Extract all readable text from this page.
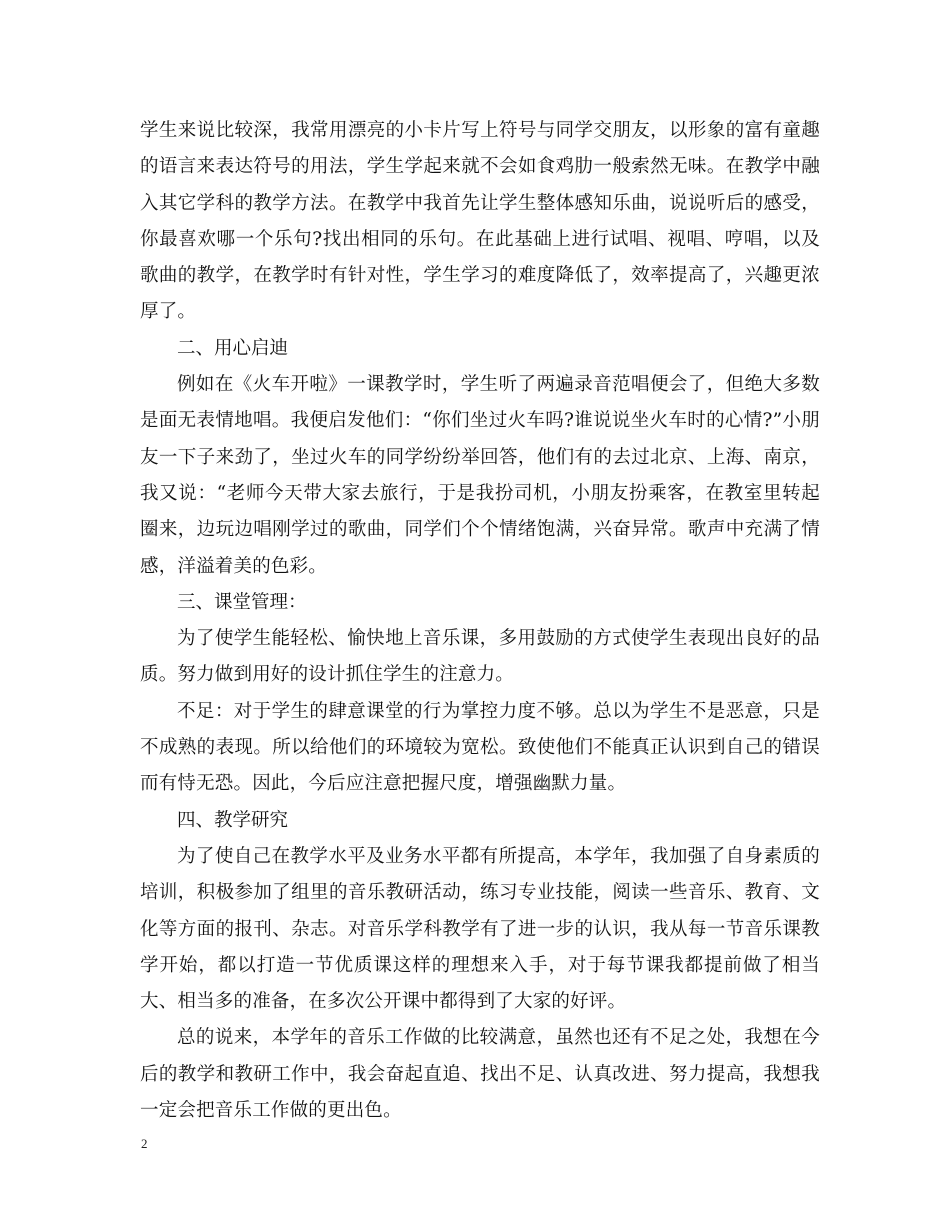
学生来说比较深，我常用漂亮的小卡片写上符号与同学交朋友，以形象的富有童趣的语言来表达符号的用法，学生学起来就不会如食鸡肋一般索然无味。在教学中融入其它学科的教学方法。在教学中我首先让学生整体感知乐曲，说说听后的感受，你最喜欢哪一个乐句?找出相同的乐句。在此基础上进行试唱、视唱、哼唱，以及歌曲的教学，在教学时有针对性，学生学习的难度降低了，效率提高了，兴趣更浓厚了。

二、用心启迪

例如在《火车开啦》一课教学时，学生听了两遍录音范唱便会了，但绝大多数是面无表情地唱。我便启发他们：“你们坐过火车吗?谁说说坐火车时的心情?”小朋友一下子来劲了，坐过火车的同学纷纷举回答，他们有的去过北京、上海、南京，我又说：“老师今天带大家去旅行，于是我扮司机，小朋友扮乘客，在教室里转起圈来，边玩边唱刚学过的歌曲，同学们个个情绪饱满，兴奋异常。歌声中充满了情感，洋溢着美的色彩。

三、课堂管理：

为了使学生能轻松、愉快地上音乐课，多用鼓励的方式使学生表现出良好的品质。努力做到用好的设计抓住学生的注意力。

不足：对于学生的肆意课堂的行为掌控力度不够。总以为学生不是恶意，只是不成熟的表现。所以给他们的环境较为宽松。致使他们不能真正认识到自己的错误而有恃无恐。因此，今后应注意把握尺度，增强幽默力量。

四、教学研究

为了使自己在教学水平及业务水平都有所提高，本学年，我加强了自身素质的培训，积极参加了组里的音乐教研活动，练习专业技能，阅读一些音乐、教育、文化等方面的报刊、杂志。对音乐学科教学有了进一步的认识，我从每一节音乐课教学开始，都以打造一节优质课这样的理想来入手，对于每节课我都提前做了相当大、相当多的准备，在多次公开课中都得到了大家的好评。

总的说来，本学年的音乐工作做的比较满意，虽然也还有不足之处，我想在今后的教学和教研工作中，我会奋起直追、找出不足、认真改进、努力提高，我想我一定会把音乐工作做的更出色。

2
